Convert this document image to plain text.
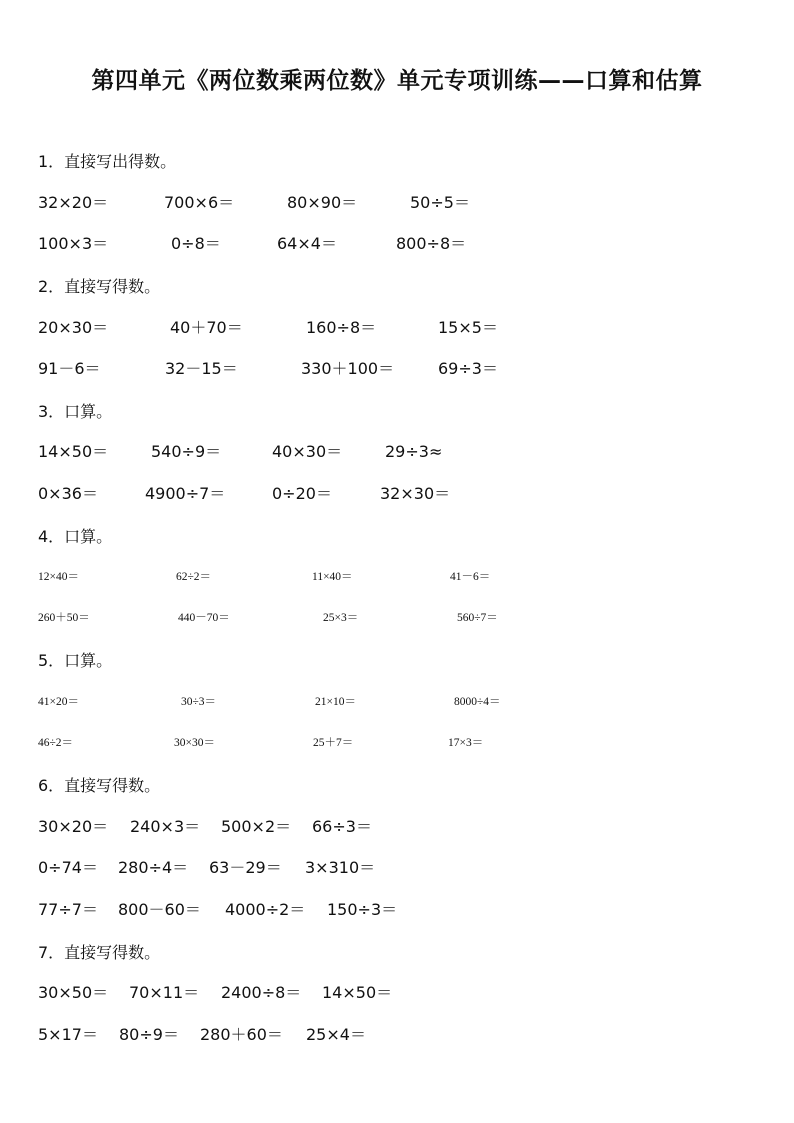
第四单元《两位数乘两位数》单元专项训练——口算和估算
1．直接写出得数。
32×20＝	700×6＝	80×90＝	50÷5＝
100×3＝	0÷8＝	64×4＝	800÷8＝
2．直接写得数。
20×30＝	40＋70＝	160÷8＝	15×5＝
91－6＝	32－15＝	330＋100＝	69÷3＝
3．口算。
14×50＝	540÷9＝	40×30＝	29÷3≈
0×36＝	4900÷7＝	0÷20＝	32×30＝
4．口算。
12×40＝	62÷2＝	11×40＝	41－6＝
260＋50＝	440－70＝	25×3＝	560÷7＝
5．口算。
41×20＝	30÷3＝	21×10＝	8000÷4＝
46÷2＝	30×30＝	25＋7＝	17×3＝
6．直接写得数。
30×20＝ 240×3＝ 500×2＝ 66÷3＝
0÷74＝ 280÷4＝ 63－29＝ 3×310＝
77÷7＝ 800－60＝ 4000÷2＝ 150÷3＝
7．直接写得数。
30×50＝ 70×11＝ 2400÷8＝ 14×50＝
5×17＝ 80÷9＝ 280＋60＝ 25×4＝
